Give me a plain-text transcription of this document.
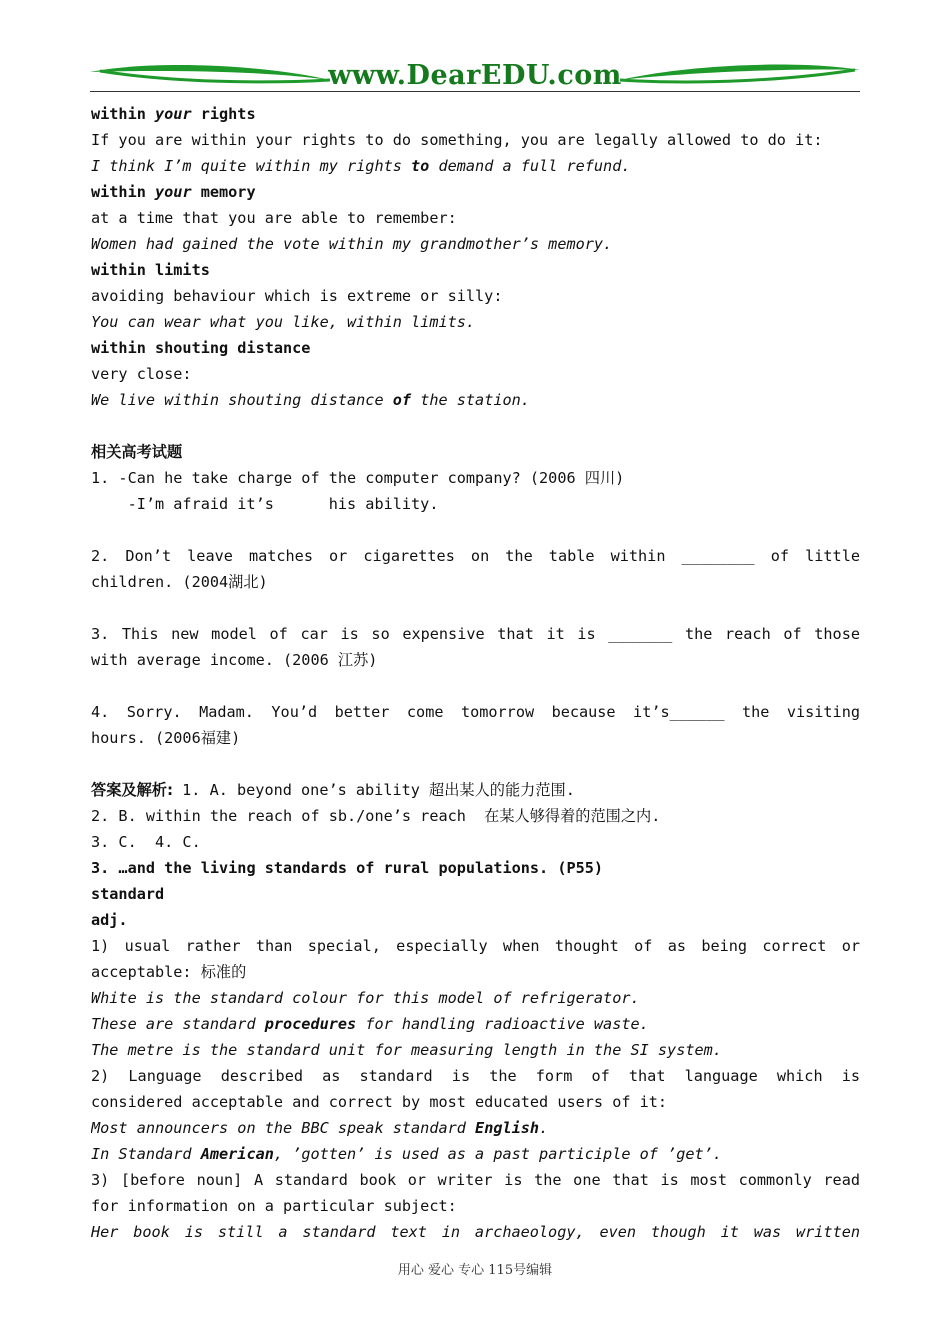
www.DearEDU.com
within your rights
If you are within your rights to do something, you are legally allowed to do it:
I think I’m quite within my rights to demand a full refund.
within your memory
at a time that you are able to remember:
Women had gained the vote within my grandmother’s memory.
within limits
avoiding behaviour which is extreme or silly:
You can wear what you like, within limits.
within shouting distance
very close:
We live within shouting distance of the station.
相关高考试题
1. -Can he take charge of the computer company? (2006 四川)
-I’m afraid it’s      his ability.

2. Don’t leave matches or cigarettes on the table within ________ of little
children. (2004湖北)

3. This new model of car is so expensive that it is _______ the reach of those
with average income. (2006 江苏)

4. Sorry. Madam. You’d better come tomorrow because it’s______ the visiting
hours. (2006福建)

答案及解析: 1. A. beyond one’s ability 超出某人的能力范围.
2. B. within the reach of sb./one’s reach  在某人够得着的范围之内.
3. C.  4. C.
3. …and the living standards of rural populations. (P55)
standard
adj.
1) usual rather than special, especially when thought of as being correct or
acceptable: 标准的
White is the standard colour for this model of refrigerator.
These are standard procedures for handling radioactive waste.
The metre is the standard unit for measuring length in the SI system.
2) Language described as standard is the form of that language which is
considered acceptable and correct by most educated users of it:
Most announcers on the BBC speak standard English.
In Standard American, ’gotten’ is used as a past participle of ’get’.
3) [before noun] A standard book or writer is the one that is most commonly read
for information on a particular subject:
Her book is still a standard text in archaeology, even though it was written
用心 爱心 专心 115号编辑
